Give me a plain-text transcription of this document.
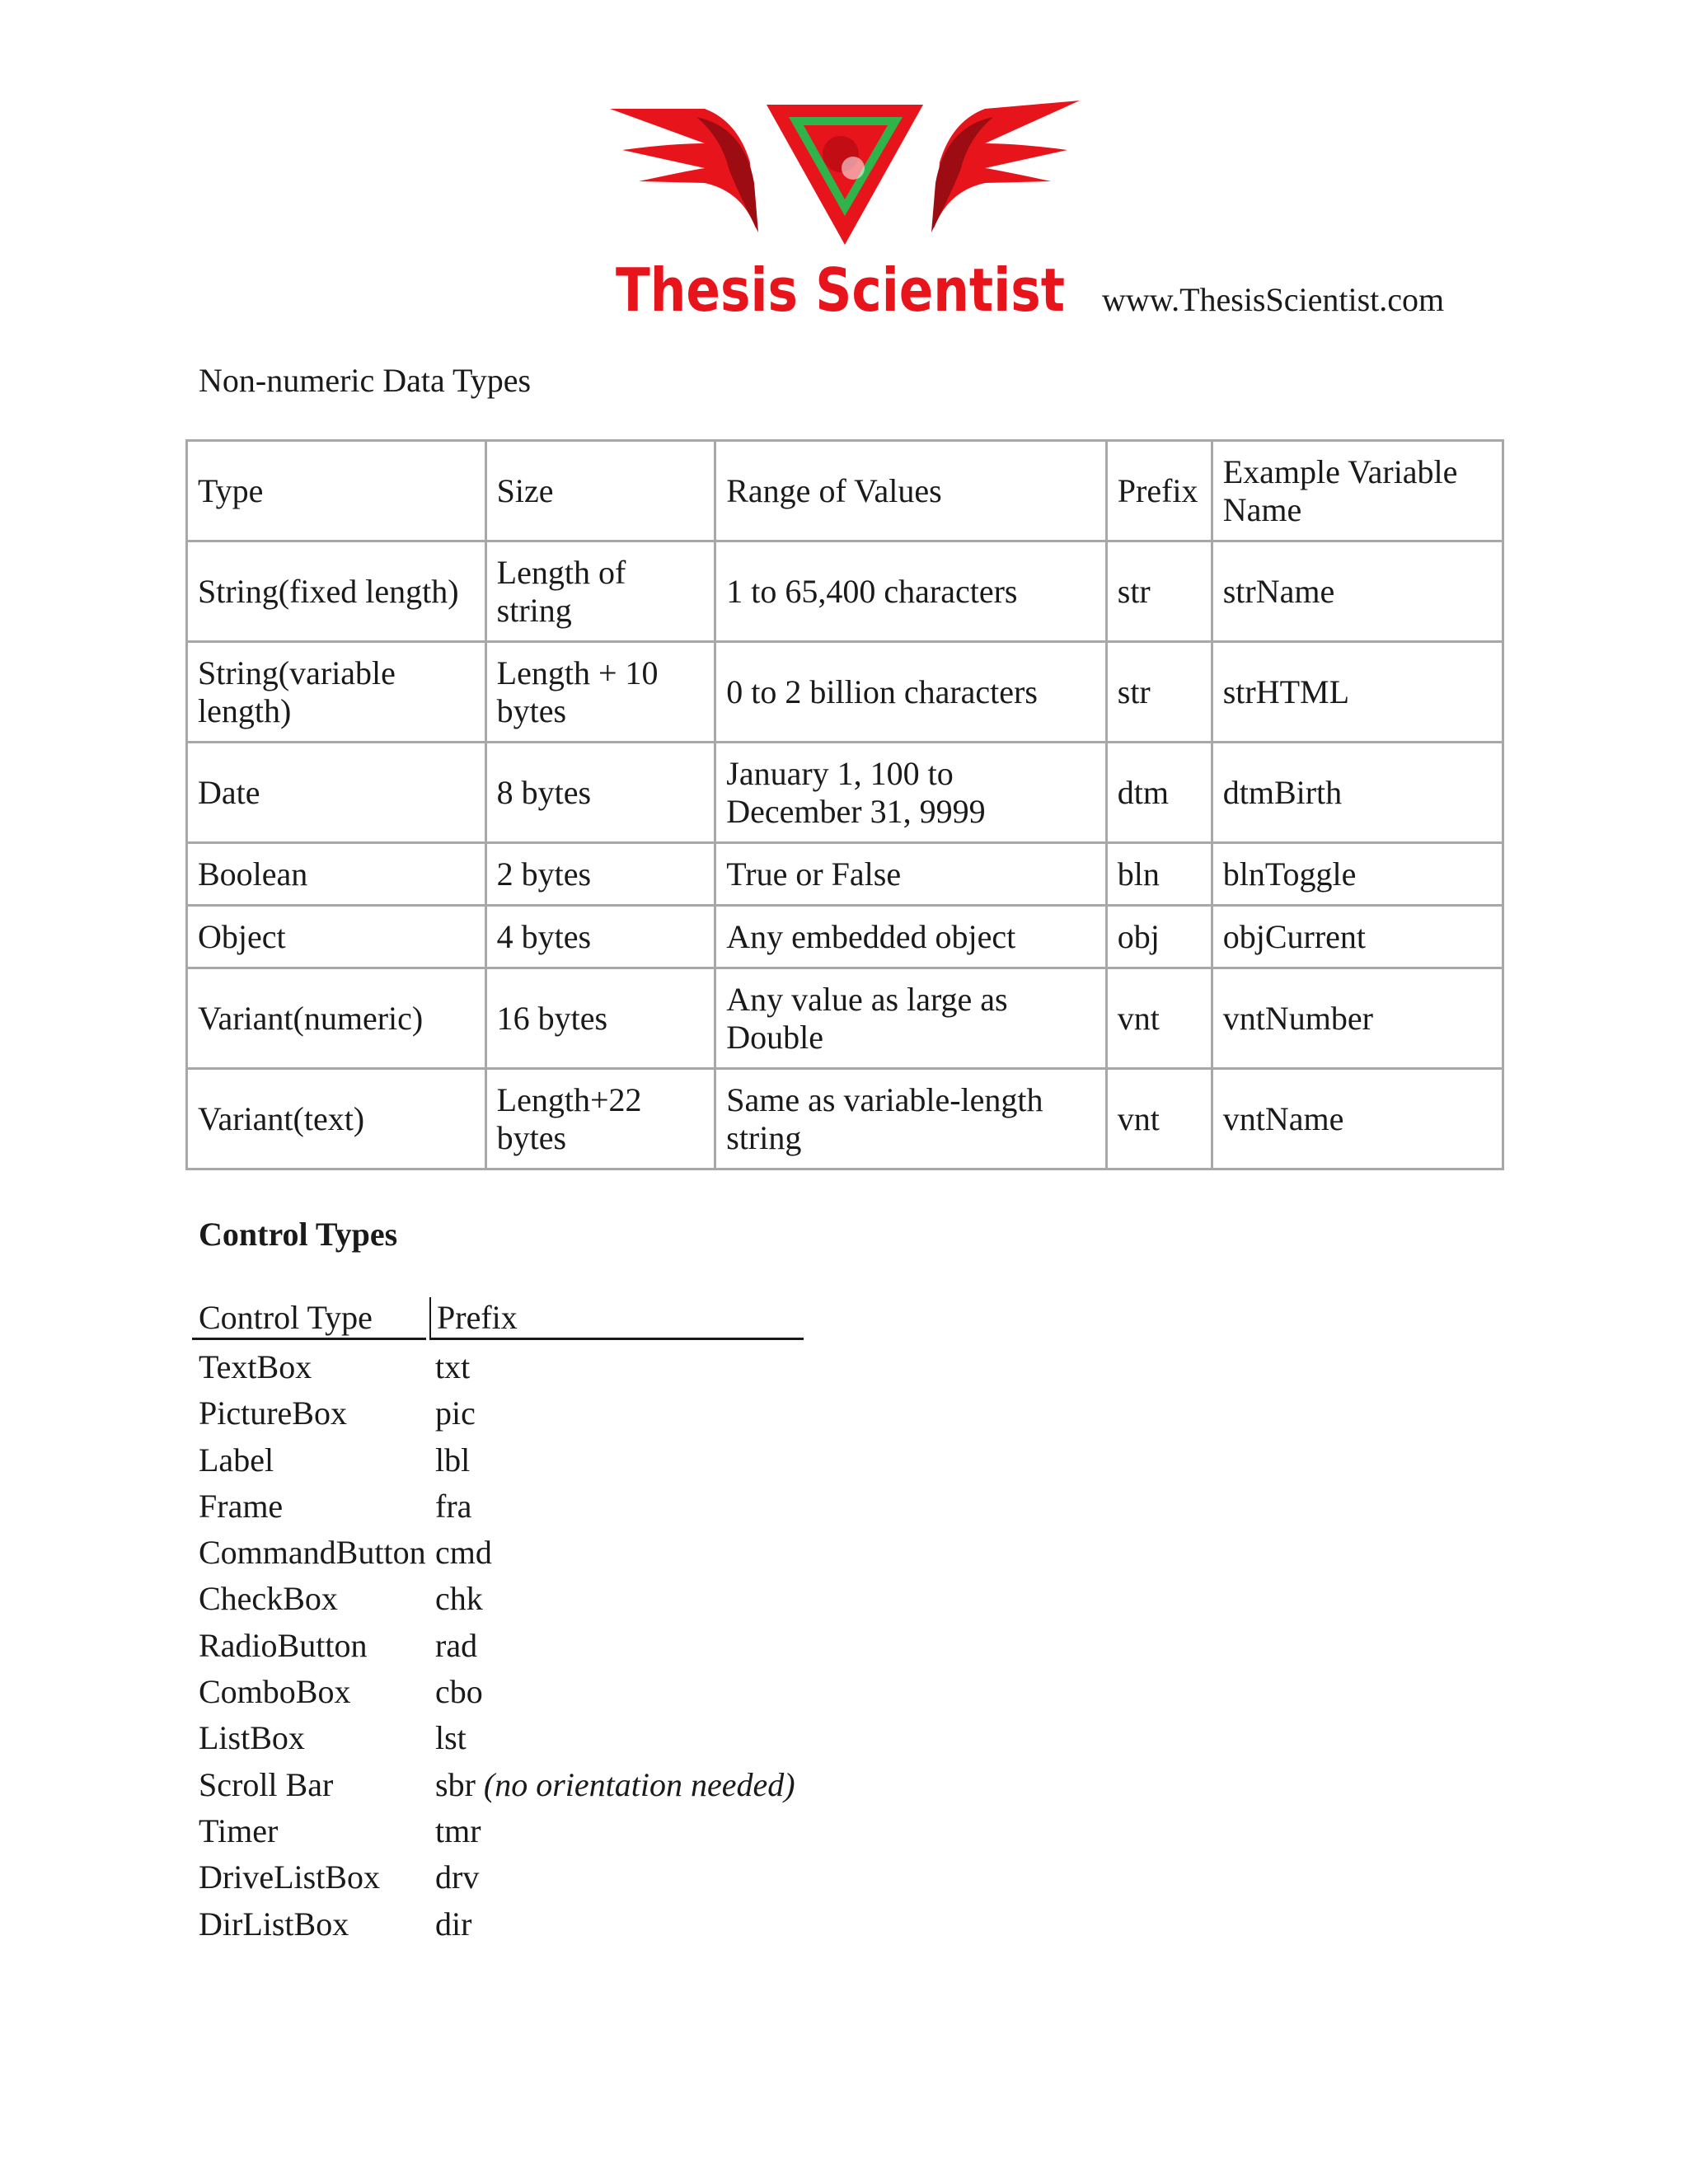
Thesis Scientist www.ThesisScientist.com
Non-numeric Data Types
Type	Size	Range of Values	Prefix	Example Variable Name
String(fixed length)	Length of string	1 to 65,400 characters	str	strName
String(variable length)	Length + 10 bytes	0 to 2 billion characters	str	strHTML
Date	8 bytes	January 1, 100 to December 31, 9999	dtm	dtmBirth
Boolean	2 bytes	True or False	bln	blnToggle
Object	4 bytes	Any embedded object	obj	objCurrent
Variant(numeric)	16 bytes	Any value as large as Double	vnt	vntNumber
Variant(text)	Length+22 bytes	Same as variable-length string	vnt	vntName
Control Types
Control Type	Prefix
TextBox	txt
PictureBox	pic
Label	lbl
Frame	fra
CommandButton cmd
CheckBox	chk
RadioButton	rad
ComboBox	cbo
ListBox	lst
Scroll Bar	sbr
(no orientation needed)
Timer	tmr
DriveListBox	drv
DirListBox	dir
